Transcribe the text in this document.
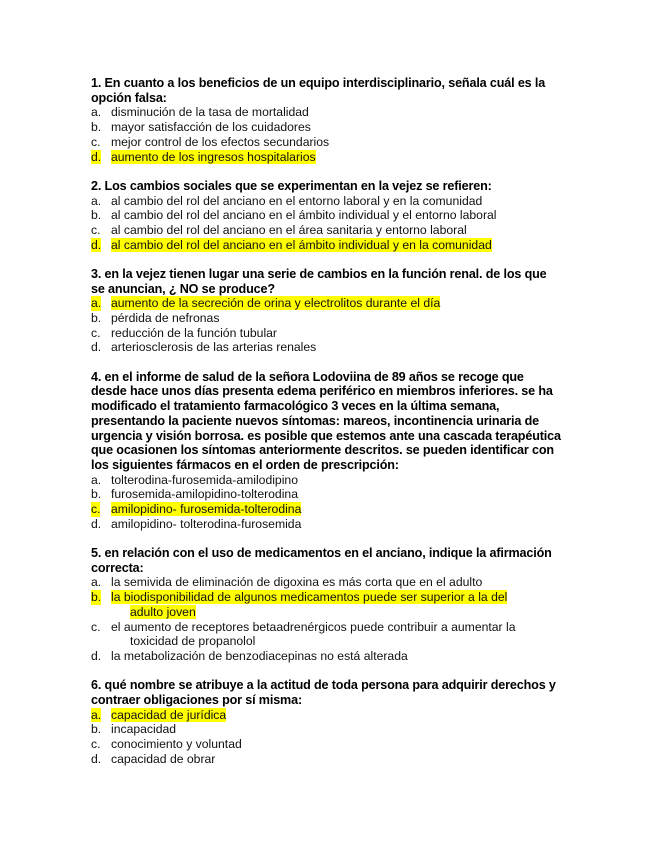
1. En cuanto a los beneficios de un equipo interdisciplinario, señala cuál es la opción falsa:
a. disminución de la tasa de mortalidad
b. mayor satisfacción de los cuidadores
c. mejor control de los efectos secundarios
d. aumento de los ingresos hospitalarios
2. Los cambios sociales que se experimentan en la vejez se refieren:
a. al cambio del rol del anciano en el entorno laboral y en la comunidad
b. al cambio del rol del anciano en el ámbito individual y el entorno laboral
c. al cambio del rol del anciano en el área sanitaria y entorno laboral
d. al cambio del rol del anciano en el ámbito individual y en la comunidad
3. en la vejez tienen lugar una serie de cambios en la función renal. de los que se anuncian, ¿ NO se produce?
a. aumento de la secreción de orina y electrolitos durante el día
b. pérdida de nefronas
c. reducción de la función tubular
d. arteriosclerosis de las arterias renales
4. en el informe de salud de la señora Lodoviina de 89 años se recoge que desde hace unos días presenta edema periférico en miembros inferiores. se ha modificado el tratamiento farmacológico 3 veces en la última semana, presentando la paciente nuevos síntomas: mareos, incontinencia urinaria de urgencia y visión borrosa. es posible que estemos ante una cascada terapéutica que ocasionen los síntomas anteriormente descritos. se pueden identificar con los siguientes fármacos en el orden de prescripción:
a. tolterodina-furosemida-amilodipino
b. furosemida-amilopidino-tolterodina
c. amilopidino- furosemida-tolterodina
d. amilopidino- tolterodina-furosemida
5. en relación con el uso de medicamentos en el anciano, indique la afirmación correcta:
a. la semivida de eliminación de digoxina es más corta que en el adulto
b. la biodisponibilidad de algunos medicamentos puede ser superior a la del
adulto joven
c. el aumento de receptores betaadrenérgicos puede contribuir a aumentar la
toxicidad de propanolol
d. la metabolización de benzodiacepinas no está alterada
6. qué nombre se atribuye a la actitud de toda persona para adquirir derechos y contraer obligaciones por sí misma:
a. capacidad de jurídica
b. incapacidad
c. conocimiento y voluntad
d. capacidad de obrar
